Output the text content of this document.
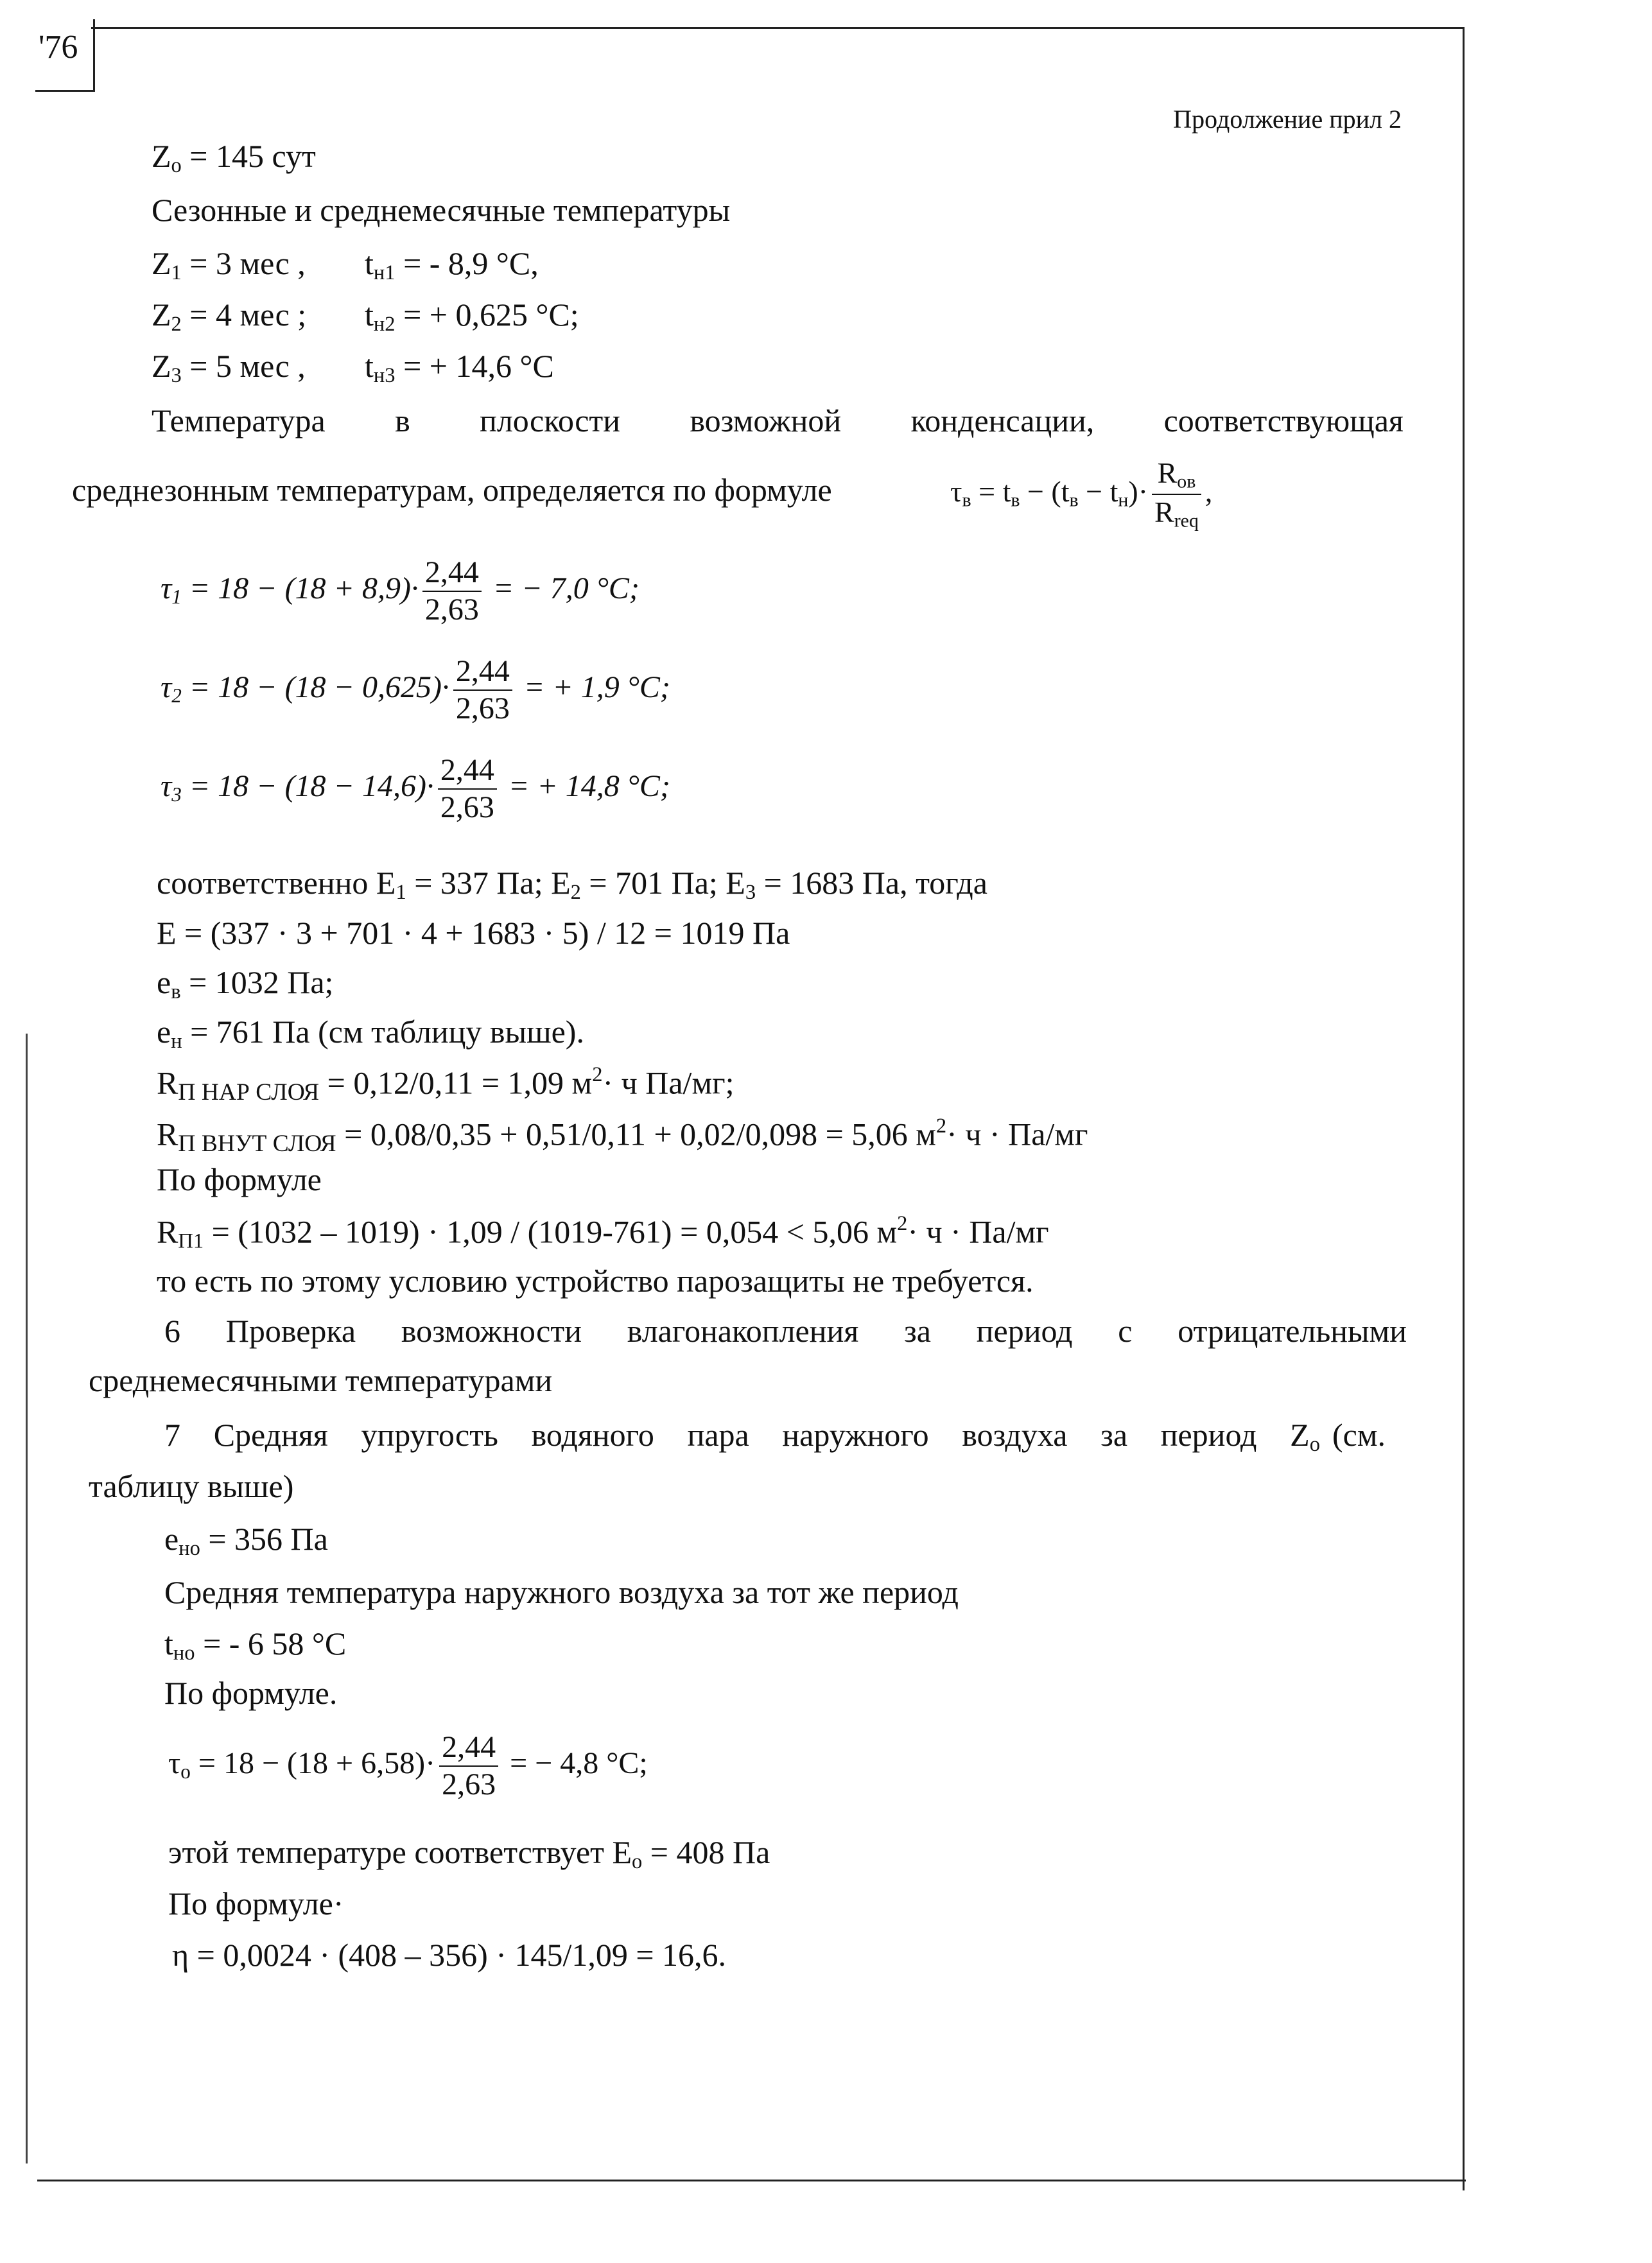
'76
Продолжение прил 2
$Z_о = 145$ сут
Сезонные и среднемесячные температуры
$Z_1 = 3$ мес , $t_{н1}$ = - 8,9 °С,
$Z_2 = 4$ мес ; $t_{н2}$ = + 0,625 °С;
$Z_3 = 5$ мес , $t_{н3}$ = + 14,6 °С
Температура в плоскости возможной конденсации, соответствующая
среднезонным температурам, определяется по формуле	$\tau_в = t_в - (t_в - t_н)\cdot \frac{R_{ов}}{R_{req}}$ ,
$\tau_1 = 18 - (18 + 8,9)\cdot \frac{2,44}{2,63}$ = − 7,0 °C;
$\tau_2 = 18 - (18 - 0,625)\cdot \frac{2,44}{2,63}$ = + 1,9 °C;
$\tau_3 = 18 - (18 - 14,6)\cdot \frac{2,44}{2,63}$ = + 14,8 °C;
соответственно $E_1 = 337$ Па; $E_2 = 701$ Па; $E_3 = 1683$ Па, тогда
E = (337 · 3 + 701 · 4 + 1683 · 5) / 12 = 1019 Па
$e_в = 1032$ Па;
$e_н = 761$ Па (см таблицу выше).
$R_{П НАР СЛОЯ} = 0,12/0,11 = 1,09$ $м^2\cdot ч$ Па/мг;
$R_{П ВНУТ СЛОЯ} = 0,08/0,35 + 0,51/0,11 + 0,02/0,098 = 5,06$ $м^2\cdot ч \cdot Па/мг$
По формуле
$R_{П1} = (1032 - 1019) \cdot 1,09 / (1019-761) = 0,054 < 5,06$ $м^2\cdot ч \cdot Па/мг$
то есть по этому условию устройство парозащиты не требуется.
6 Проверка возможности влагонакопления за период с отрицательными
среднемесячными температурами
7 Средняя упругость водяного пара наружного воздуха за период $Z_о$ (см.
таблицу выше)
$e_{но} = 356$ Па
Средняя температура наружного воздуха за тот же период
$t_{но}$ = - 6 58 °С
По формуле.
$\tau_о = 18 - (18 + 6,58)\cdot \frac{2,44}{2,63}$ = − 4,8 °С;
этой температуре соответствует $E_о = 408$ Па
По формуле·
η = 0,0024 · (408 – 356) · 145/1,09 = 16,6.
